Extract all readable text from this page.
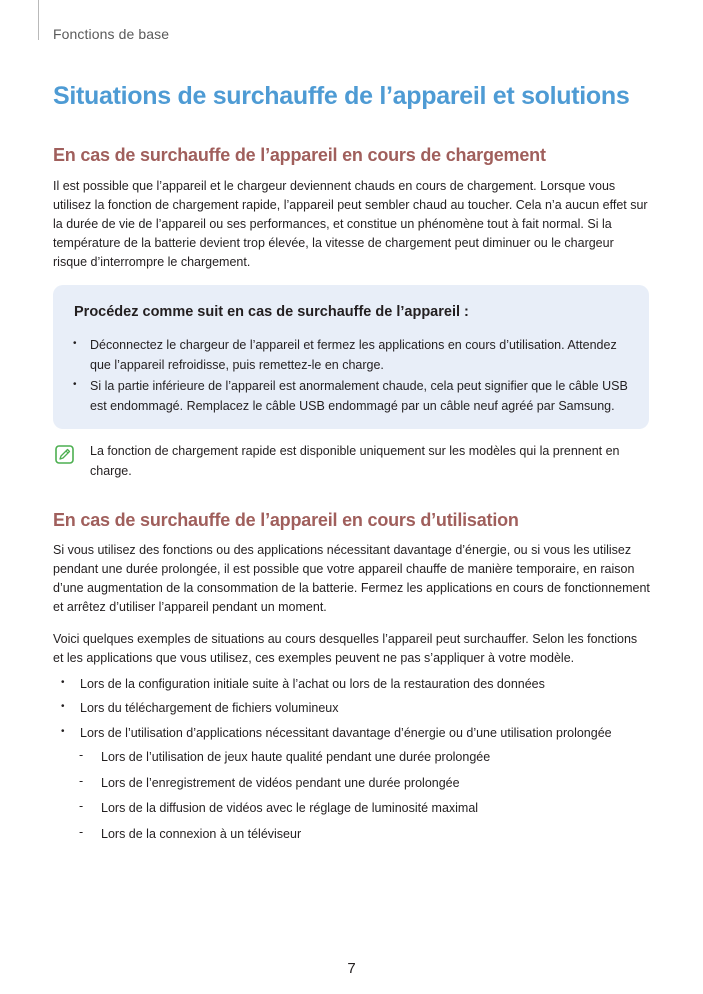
Fonctions de base
Situations de surchauffe de l’appareil et solutions
En cas de surchauffe de l’appareil en cours de chargement

Il est possible que l’appareil et le chargeur deviennent chauds en cours de chargement. Lorsque vous utilisez la fonction de chargement rapide, l’appareil peut sembler chaud au toucher. Cela n’a aucun effet sur la durée de vie de l’appareil ou ses performances, et constitue un phénomène tout à fait normal. Si la température de la batterie devient trop élevée, la vitesse de chargement peut diminuer ou le chargeur risque d’interrompre le chargement.

Procédez comme suit en cas de surchauffe de l’appareil :
• Déconnectez le chargeur de l’appareil et fermez les applications en cours d’utilisation. Attendez que l’appareil refroidisse, puis remettez-le en charge.
• Si la partie inférieure de l’appareil est anormalement chaude, cela peut signifier que le câble USB est endommagé. Remplacez le câble USB endommagé par un câble neuf agréé par Samsung.

La fonction de chargement rapide est disponible uniquement sur les modèles qui la prennent en charge.

En cas de surchauffe de l’appareil en cours d’utilisation

Si vous utilisez des fonctions ou des applications nécessitant davantage d’énergie, ou si vous les utilisez pendant une durée prolongée, il est possible que votre appareil chauffe de manière temporaire, en raison d’une augmentation de la consommation de la batterie. Fermez les applications en cours de fonctionnement et arrêtez d’utiliser l’appareil pendant un moment.

Voici quelques exemples de situations au cours desquelles l’appareil peut surchauffer. Selon les fonctions et les applications que vous utilisez, ces exemples peuvent ne pas s’appliquer à votre modèle.

• Lors de la configuration initiale suite à l’achat ou lors de la restauration des données
• Lors du téléchargement de fichiers volumineux
• Lors de l’utilisation d’applications nécessitant davantage d’énergie ou d’une utilisation prolongée
- Lors de l’utilisation de jeux haute qualité pendant une durée prolongée
- Lors de l’enregistrement de vidéos pendant une durée prolongée
- Lors de la diffusion de vidéos avec le réglage de luminosité maximal
- Lors de la connexion à un téléviseur
7
